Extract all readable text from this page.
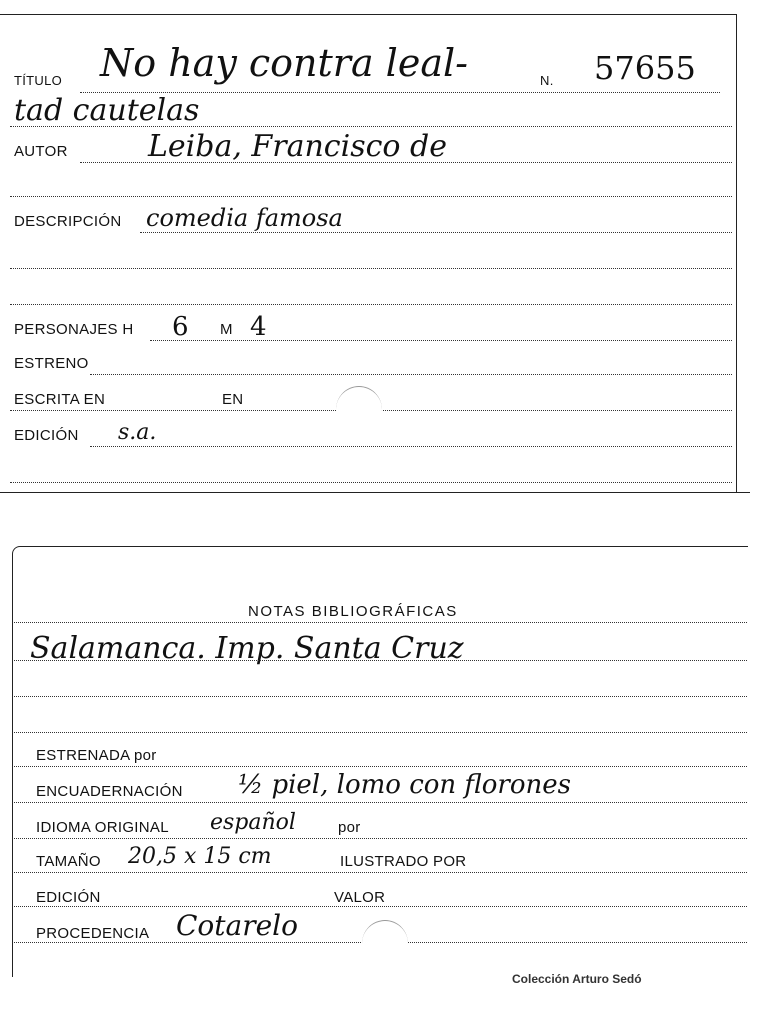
TÍTULO No hay contra leal-	N. 57655
tad cautelas
AUTOR	Leiba, Francisco de
DESCRIPCIÓN comedia famosa
PERSONAJES H 6 M 4
ESTRENO
ESCRITA EN	EN
EDICIÓN s.a.
NOTAS BIBLIOGRÁFICAS
Salamanca. Imp. Santa Cruz
ESTRENADA por
ENCUADERNACIÓN ½ piel, lomo con florones
IDIOMA ORIGINAL español	por
TAMAÑO 20,5 x 15 cm	ILUSTRADO POR
EDICIÓN	VALOR
PROCEDENCIA Cotarelo
Colección Arturo Sedó
